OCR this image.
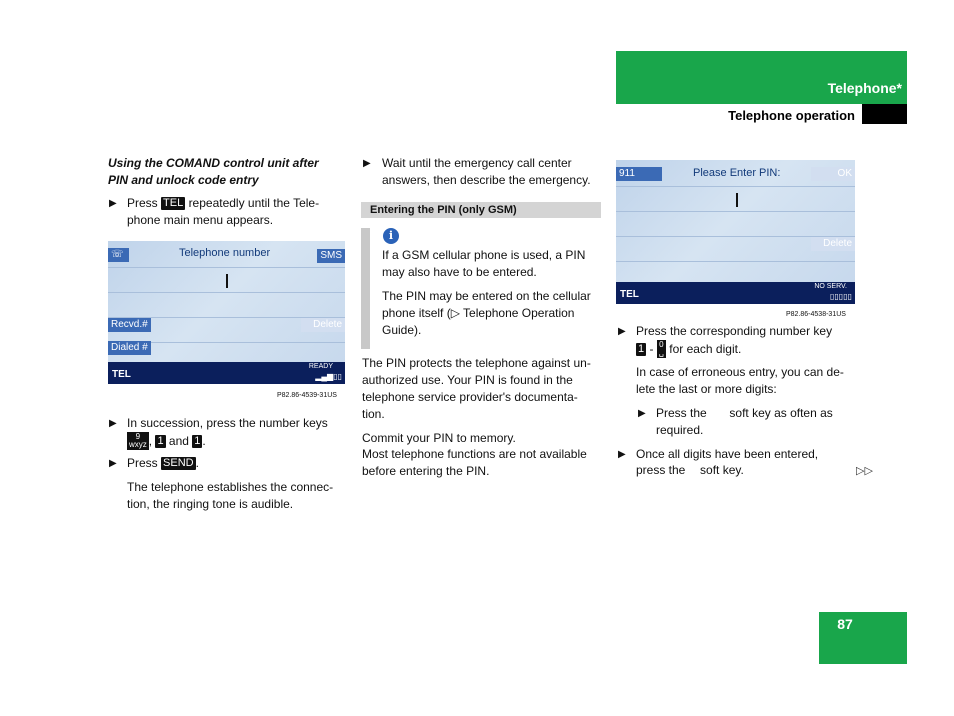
Telephone*
Telephone operation
Using the COMAND control unit after
PIN and unlock code entry
▶ Press TEL repeatedly until the Tele-
phone main menu appears.
☏	Telephone number	SMS
Recvd.#	Delete
Dialed #
TEL
READY
▂▄▆▯▯
P82.86-4539-31US
▶ In succession, press the number keys
9
wxyz , 1 and 1 .
▶ Press SEND .
The telephone establishes the connec-
tion, the ringing tone is audible.
▶ Wait until the emergency call center
answers, then describe the emergency.
Entering the PIN (only GSM)
i
If a GSM cellular phone is used, a PIN
may also have to be entered.
The PIN may be entered on the cellular
phone itself (▷ Telephone Operation
Guide).
The PIN protects the telephone against un-
authorized use. Your PIN is found in the
telephone service provider's documenta-
tion.
Commit your PIN to memory.
Most telephone functions are not available
before entering the PIN.
911	Please Enter PIN:	OK
Delete
TEL
NO SERV.
▯▯▯▯▯
P82.86-4538-31US
▶ Press the corresponding number key
1 - 0
␣ for each digit.
In case of erroneous entry, you can de-
lete the last or more digits:
▶ Press the soft key as often as
required.
▶ Once all digits have been entered,
press the soft key.	▷▷
87
